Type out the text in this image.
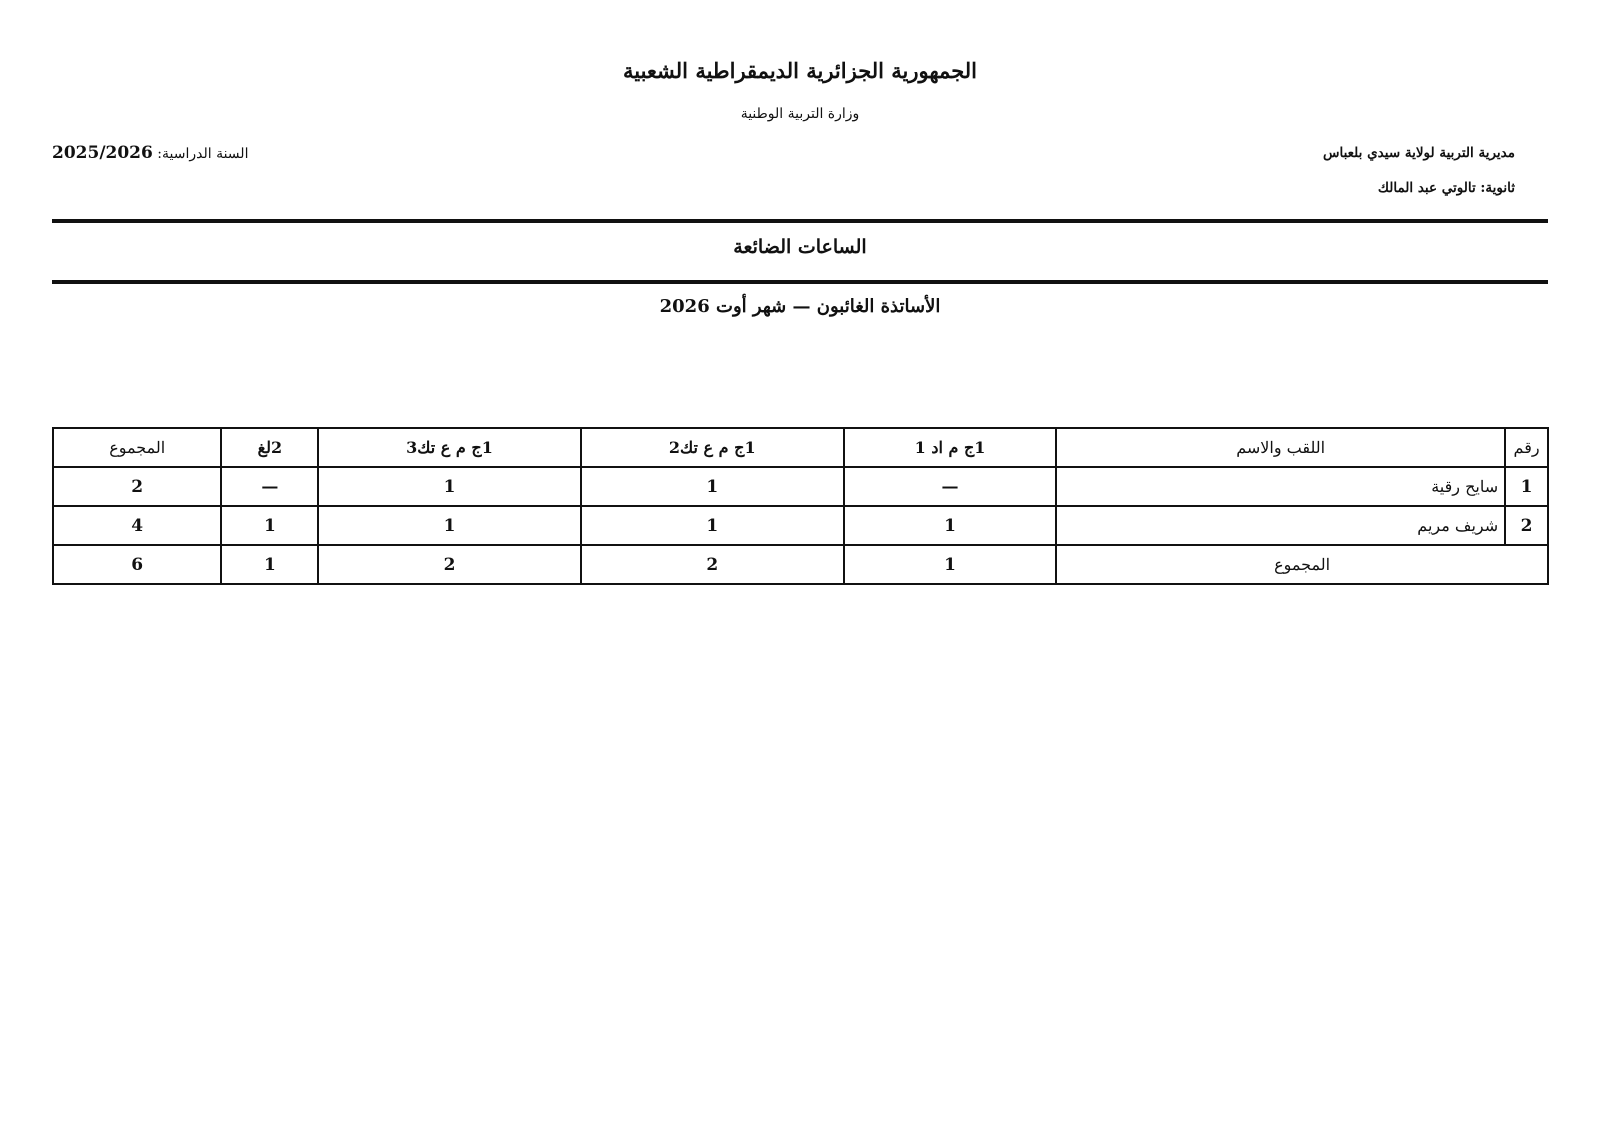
الجمهورية الجزائرية الديمقراطية الشعبية
وزارة التربية الوطنية
السنة الدراسية: 2025/2026	مديرية التربية لولاية سيدي بلعباس
ثانوية: تالوتي عبد المالك
الساعات الضائعة
الأساتذة الغائبون — شهر أوت 2026
رقم	اللقب والاسم	1ج م اد 1	1ج م ع تك2	1ج م ع تك3	2لغ	المجموع
1	سايح رقية	—	1	1	—	2
2	شريف مريم	1	1	1	1	4
المجموع		1	2	2	1	6
